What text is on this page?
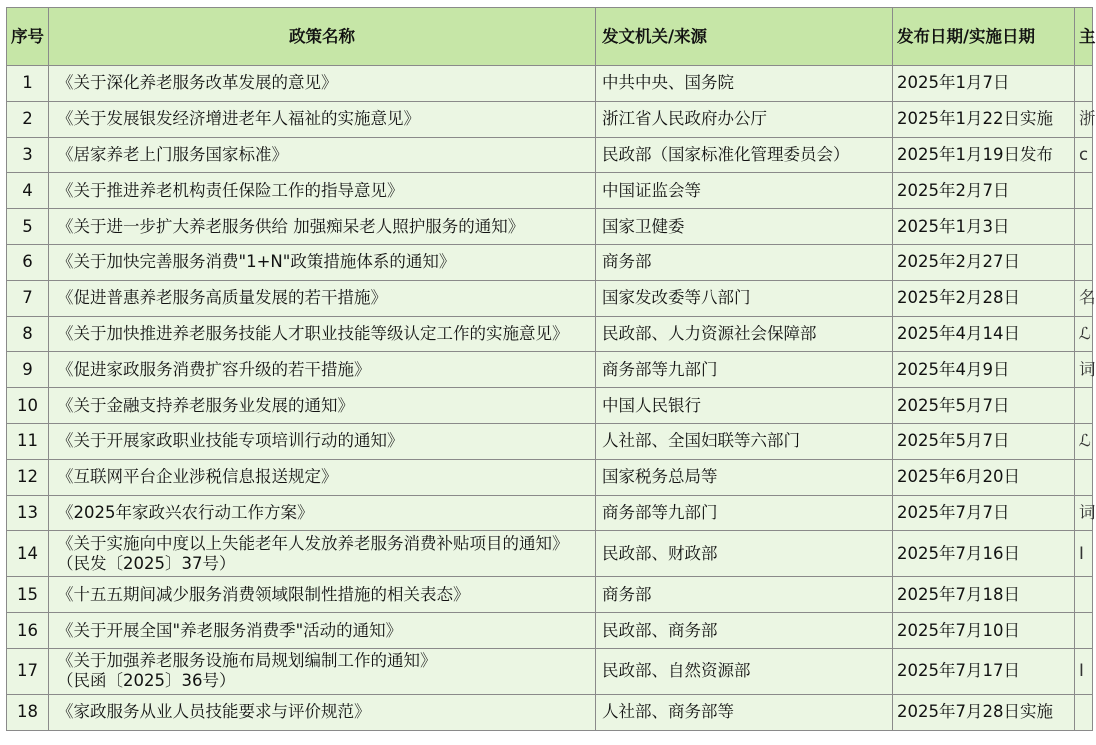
序号	政策名称	发文机关/来源	发布日期/实施日期	主
1	《关于深化养老服务改革发展的意见》	中共中央、国务院	2025年1月7日	
2	《关于发展银发经济增进老年人福祉的实施意见》	浙江省人民政府办公厅	2025年1月22日实施	浙
3	《居家养老上门服务国家标准》	民政部（国家标准化管理委员会）	2025年1月19日发布	c
4	《关于推进养老机构责任保险工作的指导意见》	中国证监会等	2025年2月7日	
5	《关于进一步扩大养老服务供给 加强痴呆老人照护服务的通知》	国家卫健委	2025年1月3日	
6	《关于加快完善服务消费"1+N"政策措施体系的通知》	商务部	2025年2月27日	
7	《促进普惠养老服务高质量发展的若干措施》	国家发改委等八部门	2025年2月28日	名
8	《关于加快推进养老服务技能人才职业技能等级认定工作的实施意见》	民政部、人力资源社会保障部	2025年4月14日	ℒ
9	《促进家政服务消费扩容升级的若干措施》	商务部等九部门	2025年4月9日	词
10	《关于金融支持养老服务业发展的通知》	中国人民银行	2025年5月7日	
11	《关于开展家政职业技能专项培训行动的通知》	人社部、全国妇联等六部门	2025年5月7日	ℒ
12	《互联网平台企业涉税信息报送规定》	国家税务总局等	2025年6月20日	
13	《2025年家政兴农行动工作方案》	商务部等九部门	2025年7月7日	词
14	《关于实施向中度以上失能老年人发放养老服务消费补贴项目的通知》
（民发〔2025〕37号）	民政部、财政部	2025年7月16日	Ⅰ
15	《十五五期间减少服务消费领域限制性措施的相关表态》	商务部	2025年7月18日	
16	《关于开展全国"养老服务消费季"活动的通知》	民政部、商务部	2025年7月10日	
17	《关于加强养老服务设施布局规划编制工作的通知》
（民函〔2025〕36号）	民政部、自然资源部	2025年7月17日	Ⅰ
18	《家政服务从业人员技能要求与评价规范》	人社部、商务部等	2025年7月28日实施	
